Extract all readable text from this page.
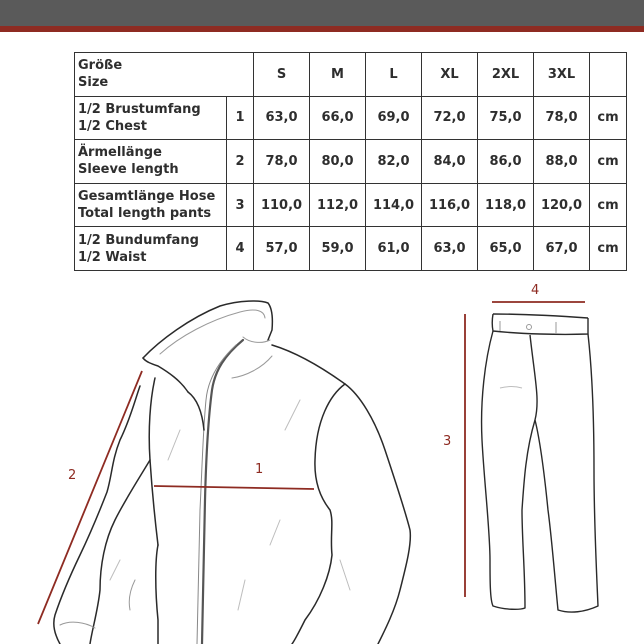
Größe
Size		S	M	L	XL	2XL	3XL	

1/2 Brustumfang
1/2 Chest	1	63,0	66,0	69,0	72,0	75,0	78,0	cm

Ärmellänge
Sleeve length	2	78,0	80,0	82,0	84,0	86,0	88,0	cm

Gesamtlänge Hose
Total length pants	3	110,0	112,0	114,0	116,0	118,0	120,0	cm

1/2 Bundumfang
1/2 Waist	4	57,0	59,0	61,0	63,0	65,0	67,0	cm
1
2
3
4
